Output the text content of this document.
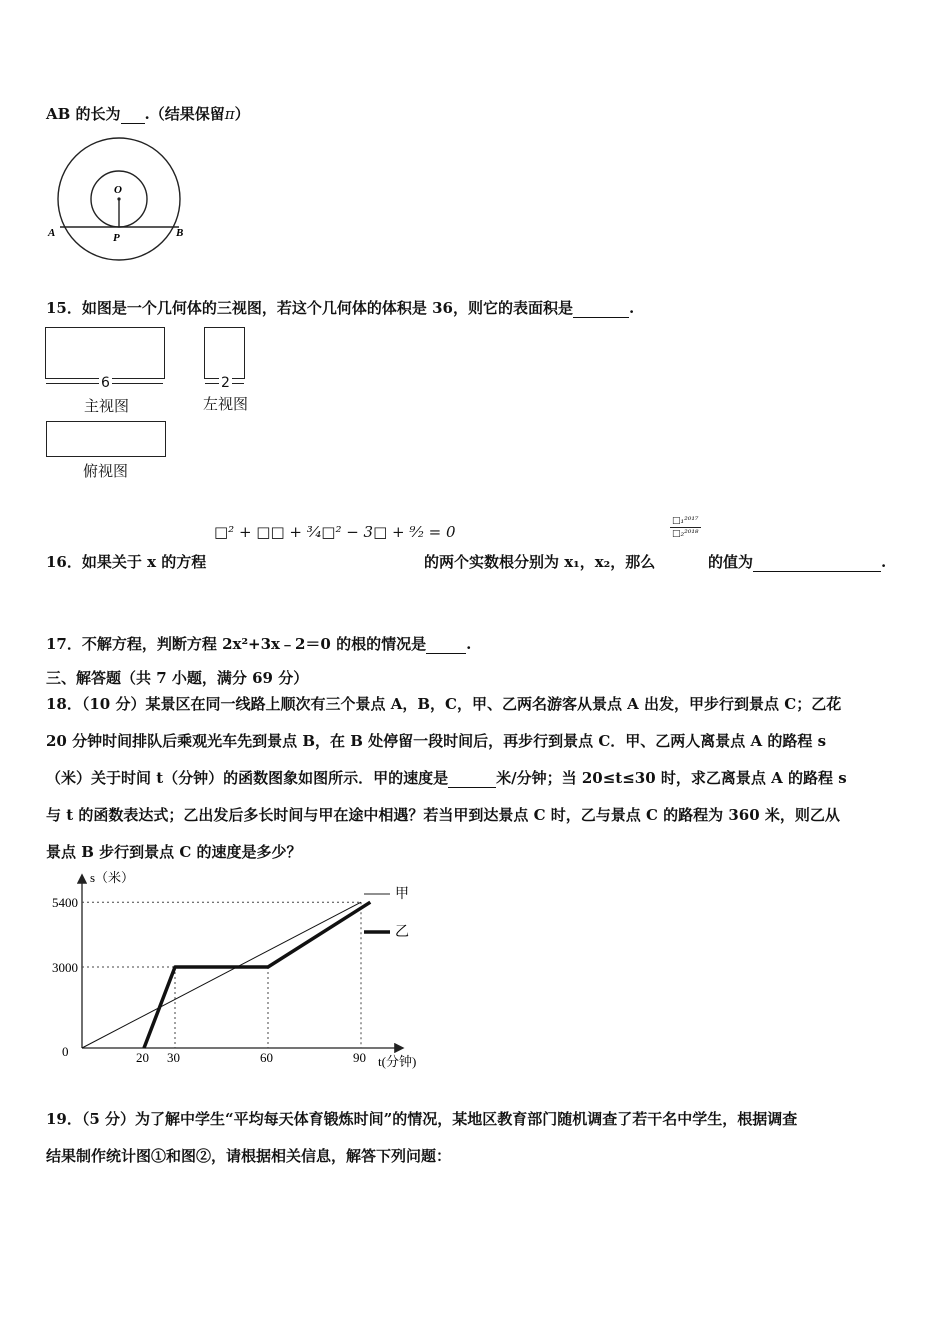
AB 的长为 .（结果保留π）
O
A	P	B
15．如图是一个几何体的三视图，若这个几何体的体积是 36，则它的表面积是	.
6
主视图
2
左视图
俯视图
□² + □□ + ³⁄₄□² − 3□ + ⁹⁄₂ = 0
□₁²⁰¹⁷
□₂²⁰¹⁸
16．如果关于 x 的方程	的两个实数根分别为 x₁，x₂，那么	的值为	.
17．不解方程，判断方程 2x²+3x﹣2＝0 的根的情况是	.
三、解答题（共 7 小题，满分 69 分）
18．（10 分）某景区在同一线路上顺次有三个景点 A，B，C，甲、乙两名游客从景点 A 出发，甲步行到景点 C；乙花
20 分钟时间排队后乘观光车先到景点 B，在 B 处停留一段时间后，再步行到景点 C．甲、乙两人离景点 A 的路程 s
（米）关于时间 t（分钟）的函数图象如图所示．甲的速度是	米/分钟；当 20≤t≤30 时，求乙离景点 A 的路程 s
与 t 的函数表达式；乙出发后多长时间与甲在途中相遇？若当甲到达景点 C 时，乙与景点 C 的路程为 360 米，则乙从
景点 B 步行到景点 C 的速度是多少？
20 30	60	90
3000
5400
s（米）
t(分钟)
0
甲
乙
19．（5 分）为了解中学生“平均每天体育锻炼时间”的情况，某地区教育部门随机调查了若干名中学生，根据调查
结果制作统计图①和图②，请根据相关信息，解答下列问题：
